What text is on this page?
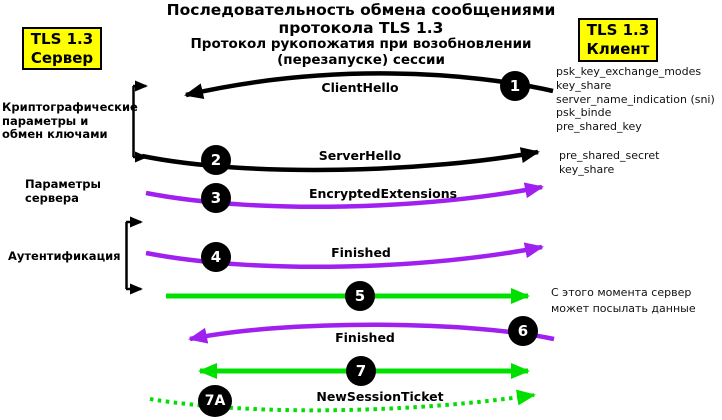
Последовательность обмена сообщениями
протокола TLS 1.3
Протокол рукопожатия при возобновлении
(перезапуске) сессии
TLS 1.3
Сервер
TLS 1.3
Клиент
Криптографические
параметры и
обмен ключами
Параметры
сервера
Аутентификация
psk_key_exchange_modes
key_share
server_name_indication (sni)
psk_binde
pre_shared_key
pre_shared_secret
key_share
С этого момента сервер
может посылать данные
ClientHello
ServerHello
EncryptedExtensions
Finished
Finished
NewSessionTicket
1
2
3
4
5
6
7
7A
